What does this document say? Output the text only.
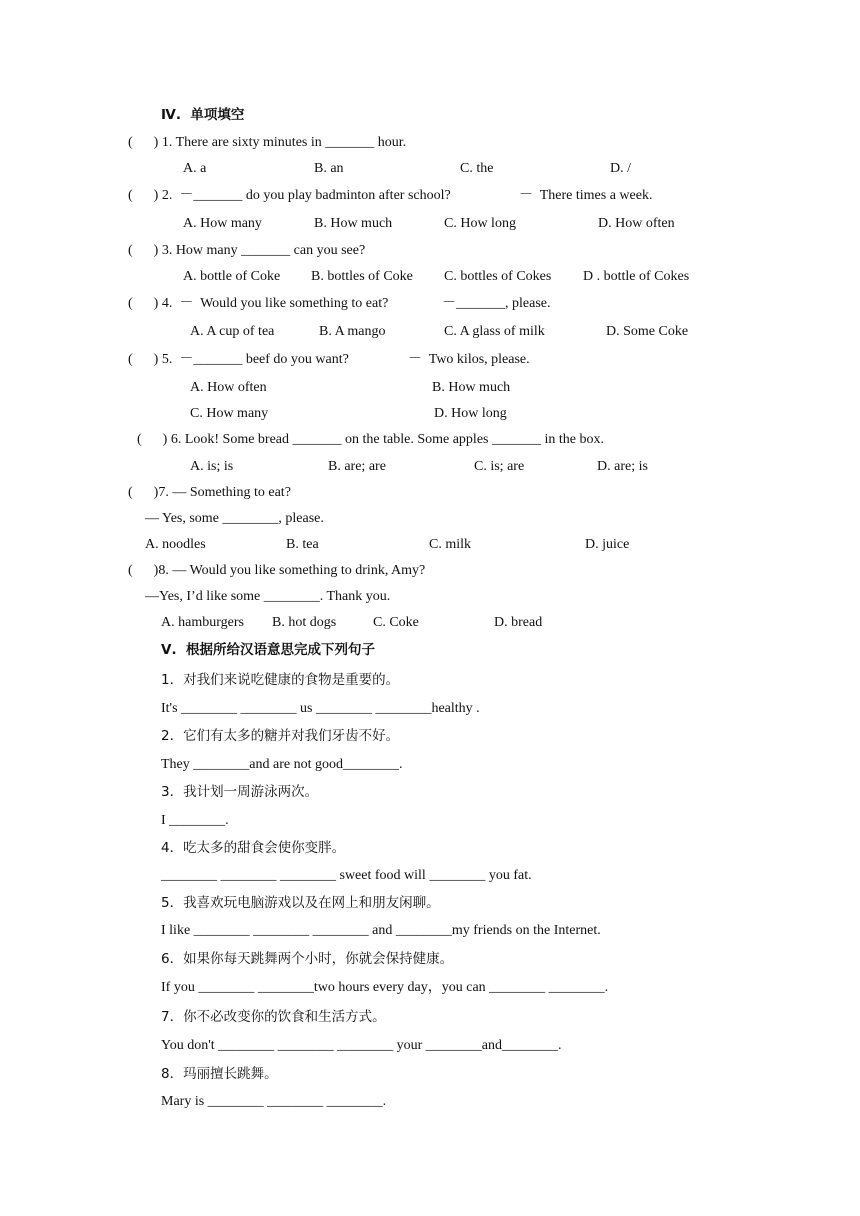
Ⅳ.  单项填空
(      ) 1. There are sixty minutes in _______ hour.
A. a	B. an	C. the	D. /
(      ) 2.  －_______ do you play badminton after school?	－  There times a week.
A. How many	B. How much	C. How long	D. How often
(      ) 3. How many _______ can you see?
A. bottle of Coke B. bottles of Coke C. bottles of Cokes D . bottle of Cokes
(      ) 4.  －  Would you like something to eat?	－_______, please.
A. A cup of tea	B. A mango	C. A glass of milk	D. Some Coke
(      ) 5.  －_______ beef do you want?	－  Two kilos, please.
A. How often	B. How much
C. How many	D. How long
(      ) 6. Look! Some bread _______ on the table. Some apples _______ in the box.
A. is; is	B. are; are	C. is; are	D. are; is
(      )7. — Something to eat?
— Yes, some ________, please.
A. noodles	B. tea	C. milk	D. juice
(      )8. — Would you like something to drink, Amy?
—Yes, I’d like some ________. Thank you.
A. hamburgers B. hot dogs	C. Coke	D. bread
Ⅴ.  根据所给汉语意思完成下列句子
1．对我们来说吃健康的食物是重要的。
It's ________ ________ us ________ ________healthy .
2．它们有太多的糖并对我们牙齿不好。
They ________and are not good________.
3．我计划一周游泳两次。
I ________.
4．吃太多的甜食会使你变胖。
________ ________ ________ sweet food will ________ you fat.
5．我喜欢玩电脑游戏以及在网上和朋友闲聊。
I like ________ ________ ________ and ________my friends on the Internet.
6．如果你每天跳舞两个小时，你就会保持健康。
If you ________ ________two hours every day，you can ________ ________.
7．你不必改变你的饮食和生活方式。
You don't ________ ________ ________ your ________and________.
8．玛丽擅长跳舞。
Mary is ________ ________ ________.
